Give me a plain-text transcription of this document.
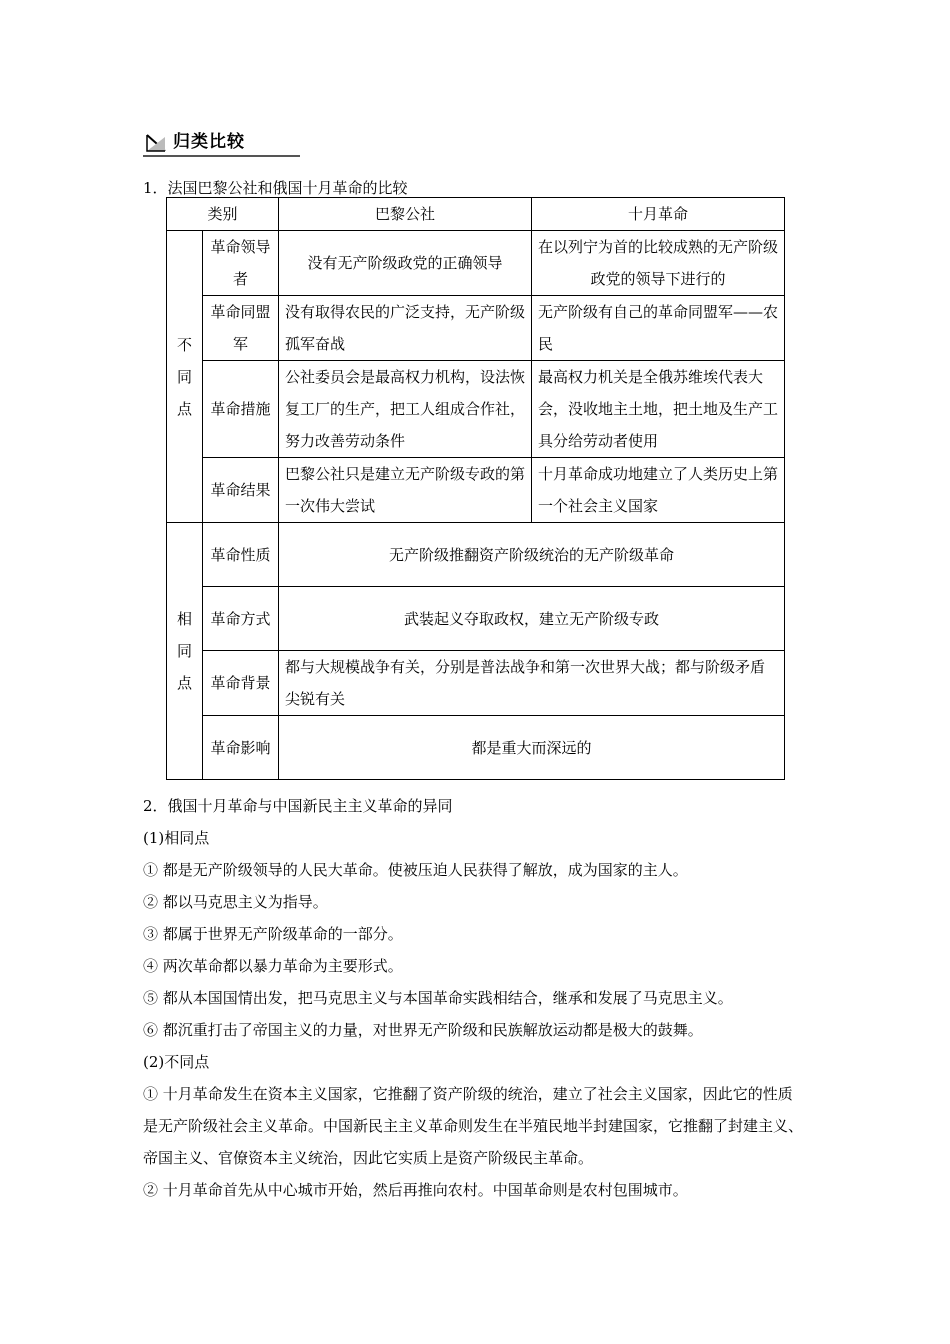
归类比较
1．法国巴黎公社和俄国十月革命的比较
类别		巴黎公社	十月革命
不同点	革命领导者	没有无产阶级政党的正确领导	在以列宁为首的比较成熟的无产阶级政党的领导下进行的
	革命同盟军	没有取得农民的广泛支持，无产阶级孤军奋战	无产阶级有自己的革命同盟军——农民
	革命措施	公社委员会是最高权力机构，设法恢复工厂的生产，把工人组成合作社，努力改善劳动条件	最高权力机关是全俄苏维埃代表大会，没收地主土地，把土地及生产工具分给劳动者使用
	革命结果	巴黎公社只是建立无产阶级专政的第一次伟大尝试	十月革命成功地建立了人类历史上第一个社会主义国家
相同点	革命性质	无产阶级推翻资产阶级统治的无产阶级革命	
	革命方式	武装起义夺取政权，建立无产阶级专政	
	革命背景	都与大规模战争有关，分别是普法战争和第一次世界大战；都与阶级矛盾尖锐有关	
	革命影响	都是重大而深远的	
2．俄国十月革命与中国新民主主义革命的异同
(1)相同点
① 都是无产阶级领导的人民大革命。使被压迫人民获得了解放，成为国家的主人。
② 都以马克思主义为指导。
③ 都属于世界无产阶级革命的一部分。
④ 两次革命都以暴力革命为主要形式。
⑤ 都从本国国情出发，把马克思主义与本国革命实践相结合，继承和发展了马克思主义。
⑥ 都沉重打击了帝国主义的力量，对世界无产阶级和民族解放运动都是极大的鼓舞。
(2)不同点
① 十月革命发生在资本主义国家，它推翻了资产阶级的统治，建立了社会主义国家，因此它的性质是无产阶级社会主义革命。中国新民主主义革命则发生在半殖民地半封建国家，它推翻了封建主义、帝国主义、官僚资本主义统治，因此它实质上是资产阶级民主革命。
② 十月革命首先从中心城市开始，然后再推向农村。中国革命则是农村包围城市。
